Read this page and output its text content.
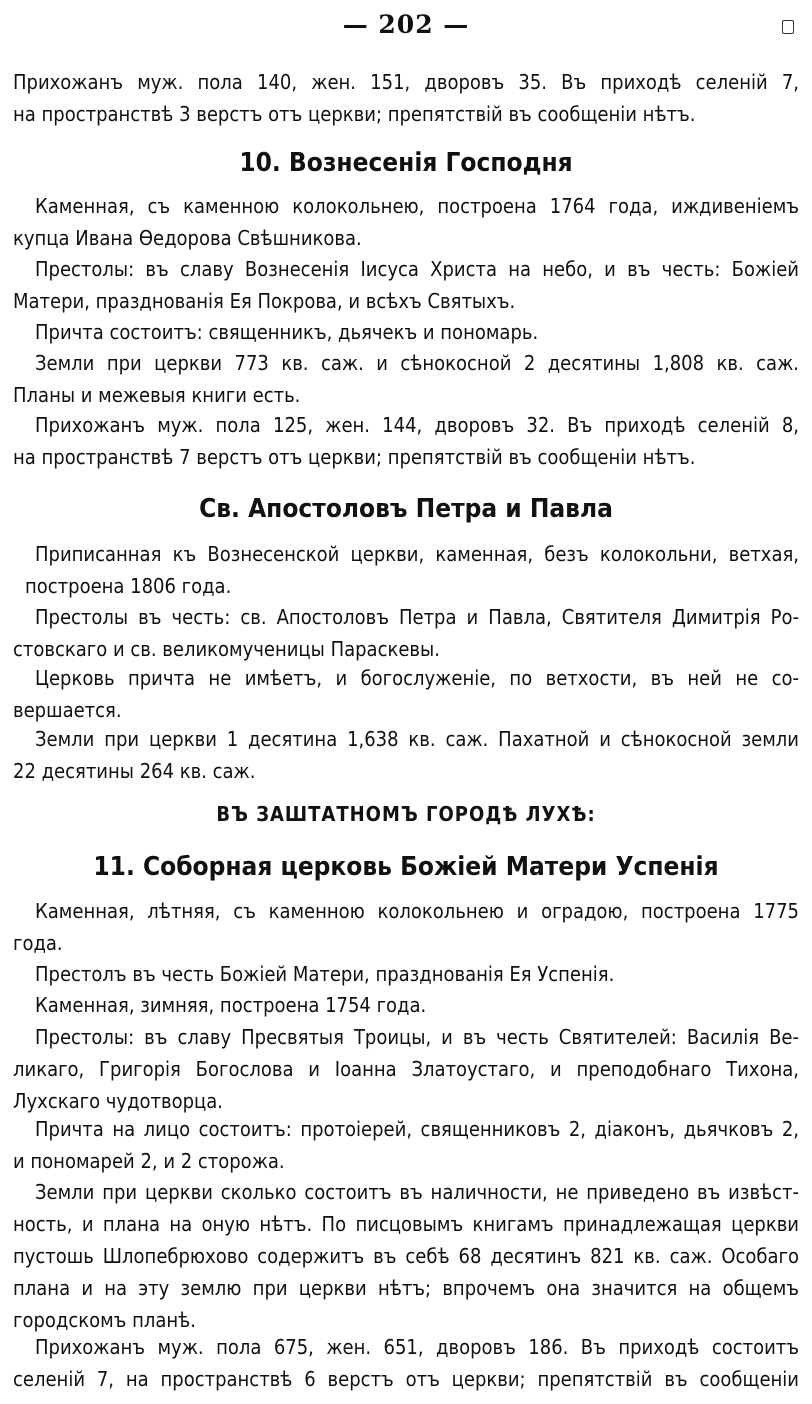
— 202 —
Прихожанъ муж. пола 140, жен. 151, дворовъ 35. Въ приходѣ селеній 7,
на пространствѣ 3 верстъ отъ церкви; препятствій въ сообщеніи нѣтъ.
10. Вознесенія Господня
Каменная, съ каменною колокольнею, построена 1764 года, иждивеніемъ
купца Ивана Ѳедорова Свѣшникова.
Престолы: въ славу Вознесенія Іисуса Христа на небо, и въ честь: Божіей
Матери, празднованія Ея Покрова, и всѣхъ Святыхъ.
Причта состоитъ: священникъ, дьячекъ и пономарь.
Земли при церкви 773 кв. саж. и сѣнокосной 2 десятины 1,808 кв. саж.
Планы и межевыя книги есть.
Прихожанъ муж. пола 125, жен. 144, дворовъ 32. Въ приходѣ селеній 8,
на пространствѣ 7 верстъ отъ церкви; препятствій въ сообщеніи нѣтъ.
Св. Апостоловъ Петра и Павла
Приписанная къ Вознесенской церкви, каменная, безъ колокольни, ветхая,
построена 1806 года.
Престолы въ честь: св. Апостоловъ Петра и Павла, Святителя Димитрія Ро-
стовскаго и св. великомученицы Параскевы.
Церковь причта не имѣетъ, и богослуженіе, по ветхости, въ ней не со-
вершается.
Земли при церкви 1 десятина 1,638 кв. саж. Пахатной и сѣнокосной земли
22 десятины 264 кв. саж.
ВЪ ЗАШТАТНОМЪ ГОРОДѢ ЛУХѢ:
11. Соборная церковь Божіей Матери Успенія
Каменная, лѣтняя, съ каменною колокольнею и оградою, построена 1775
года.
Престолъ въ честь Божіей Матери, празднованія Ея Успенія.
Каменная, зимняя, построена 1754 года.
Престолы: въ славу Пресвятыя Троицы, и въ честь Святителей: Василія Ве-
ликаго, Григорія Богослова и Іоанна Златоустаго, и преподобнаго Тихона,
Лухскаго чудотворца.
Причта на лицо состоитъ: протоіерей, священниковъ 2, діаконъ, дьячковъ 2,
и пономарей 2, и 2 сторожа.
Земли при церкви сколько состоитъ въ наличности, не приведено въ извѣст-
ность, и плана на оную нѣтъ. По писцовымъ книгамъ принадлежащая церкви
пустошь Шлопебрюхово содержитъ въ себѣ 68 десятинъ 821 кв. саж. Особаго
плана и на эту землю при церкви нѣтъ; впрочемъ она значится на общемъ
городскомъ планѣ.
Прихожанъ муж. пола 675, жен. 651, дворовъ 186. Въ приходѣ состоитъ
селеній 7, на пространствѣ 6 верстъ отъ церкви; препятствій въ сообщеніи
